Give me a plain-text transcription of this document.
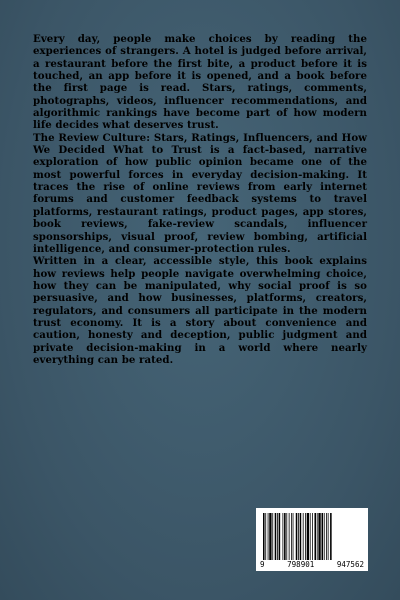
Every day, people make choices by reading the experiences of strangers. A hotel is judged before arrival, a restaurant before the first bite, a product before it is touched, an app before it is opened, and a book before the first page is read. Stars, ratings, comments, photographs, videos, influencer recommendations, and algorithmic rankings have become part of how modern life decides what deserves trust.

The Review Culture: Stars, Ratings, Influencers, and How We Decided What to Trust is a fact-based, narrative exploration of how public opinion became one of the most powerful forces in everyday decision-making. It traces the rise of online reviews from early internet forums and customer feedback systems to travel platforms, restaurant ratings, product pages, app stores, book reviews, fake-review scandals, influencer sponsorships, visual proof, review bombing, artificial intelligence, and consumer-protection rules.

Written in a clear, accessible style, this book explains how reviews help people navigate overwhelming choice, how they can be manipulated, why social proof is so persuasive, and how businesses, platforms, creators, regulators, and consumers all participate in the modern trust economy. It is a story about convenience and caution, honesty and deception, public judgment and private decision-making in a world where nearly everything can be rated.

9	798901	947562
